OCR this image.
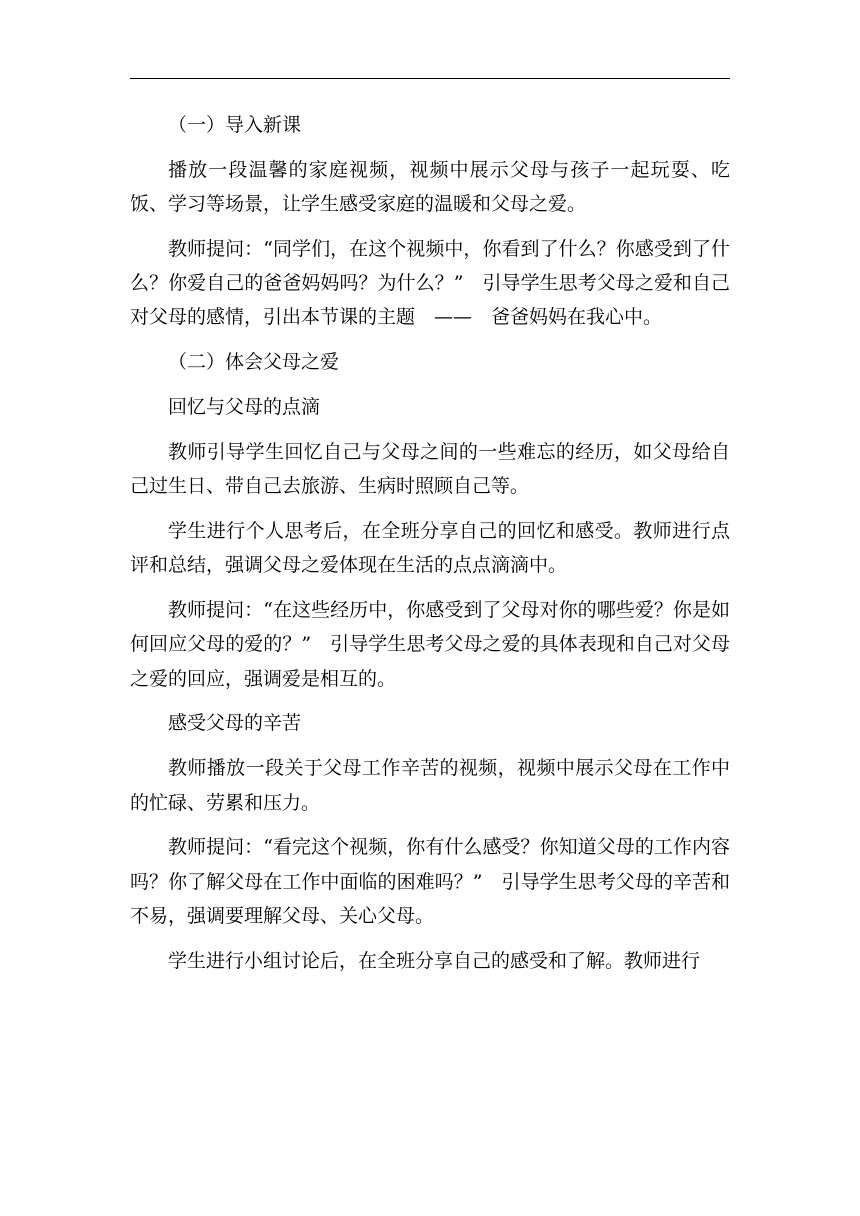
（一）导入新课

播放一段温馨的家庭视频，视频中展示父母与孩子一起玩耍、吃饭、学习等场景，让学生感受家庭的温暖和父母之爱。

教师提问：“同学们，在这个视频中，你看到了什么？你感受到了什么？你爱自己的爸爸妈妈吗？为什么？”　引导学生思考父母之爱和自己对父母的感情，引出本节课的主题　——　爸爸妈妈在我心中。

（二）体会父母之爱

回忆与父母的点滴

教师引导学生回忆自己与父母之间的一些难忘的经历，如父母给自己过生日、带自己去旅游、生病时照顾自己等。

学生进行个人思考后，在全班分享自己的回忆和感受。教师进行点评和总结，强调父母之爱体现在生活的点点滴滴中。

教师提问：“在这些经历中，你感受到了父母对你的哪些爱？你是如何回应父母的爱的？”　引导学生思考父母之爱的具体表现和自己对父母之爱的回应，强调爱是相互的。

感受父母的辛苦

教师播放一段关于父母工作辛苦的视频，视频中展示父母在工作中的忙碌、劳累和压力。

教师提问：“看完这个视频，你有什么感受？你知道父母的工作内容吗？你了解父母在工作中面临的困难吗？”　引导学生思考父母的辛苦和不易，强调要理解父母、关心父母。

学生进行小组讨论后，在全班分享自己的感受和了解。教师进行
